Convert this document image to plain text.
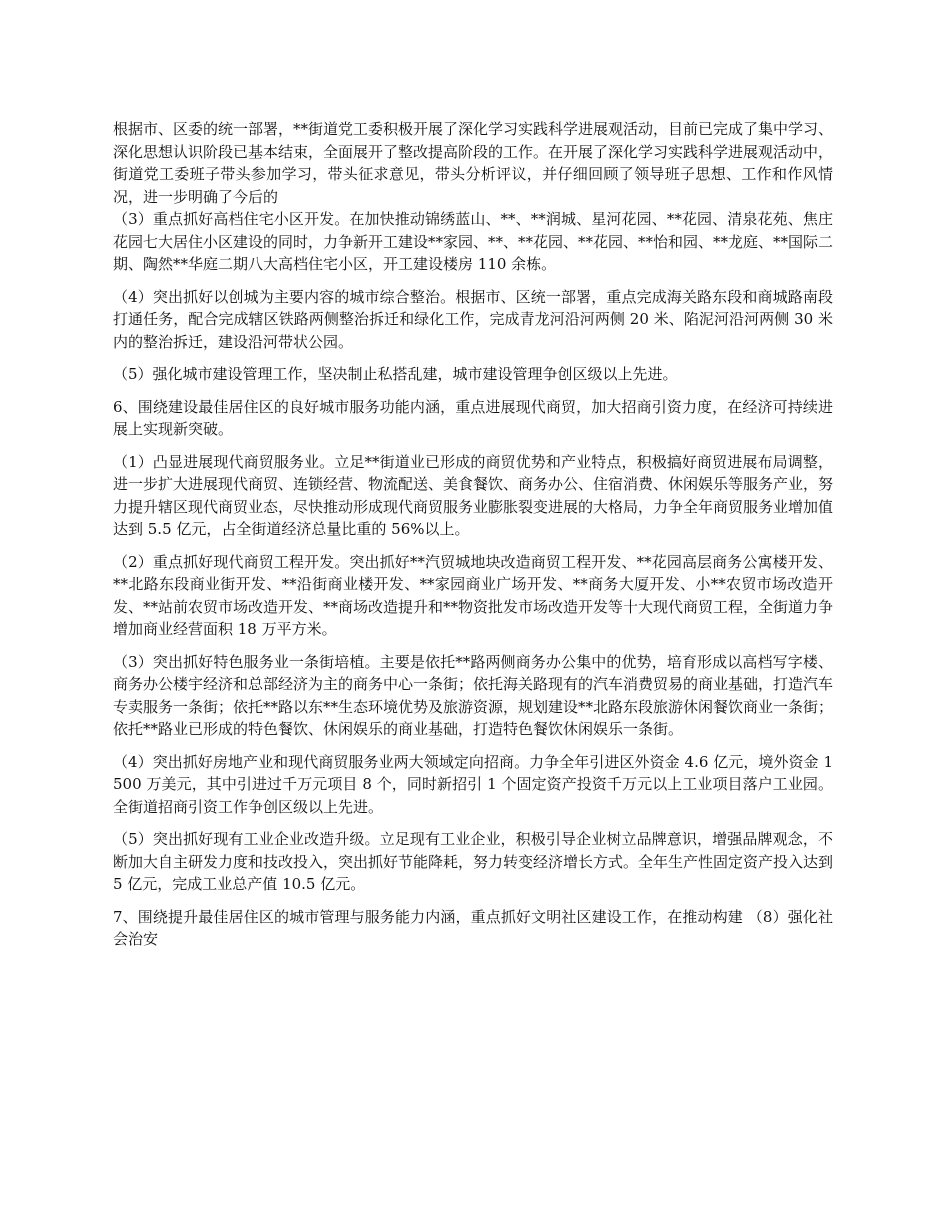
根据市、区委的统一部署，**街道党工委积极开展了深化学习实践科学进展观活动，目前已完成了集中学习、深化思想认识阶段已基本结束，全面展开了整改提高阶段的工作。在开展了深化学习实践科学进展观活动中，街道党工委班子带头参加学习，带头征求意见，带头分析评议，并仔细回顾了领导班子思想、工作和作风情况，进一步明确了今后的

（3）重点抓好高档住宅小区开发。在加快推动锦绣蓝山、**、**润城、星河花园、**花园、清泉花苑、焦庄花园七大居住小区建设的同时，力争新开工建设**家园、**、**花园、**花园、**怡和园、**龙庭、**国际二期、陶然**华庭二期八大高档住宅小区，开工建设楼房 110 余栋。

（4）突出抓好以创城为主要内容的城市综合整治。根据市、区统一部署，重点完成海关路东段和商城路南段打通任务，配合完成辖区铁路两侧整治拆迁和绿化工作，完成青龙河沿河两侧 20 米、陷泥河沿河两侧 30 米内的整治拆迁，建设沿河带状公园。

（5）强化城市建设管理工作，坚决制止私搭乱建，城市建设管理争创区级以上先进。

6、围绕建设最佳居住区的良好城市服务功能内涵，重点进展现代商贸，加大招商引资力度，在经济可持续进展上实现新突破。

（1）凸显进展现代商贸服务业。立足**街道业已形成的商贸优势和产业特点，积极搞好商贸进展布局调整，进一步扩大进展现代商贸、连锁经营、物流配送、美食餐饮、商务办公、住宿消费、休闲娱乐等服务产业，努力提升辖区现代商贸业态，尽快推动形成现代商贸服务业膨胀裂变进展的大格局，力争全年商贸服务业增加值达到 5.5 亿元，占全街道经济总量比重的 56%以上。

（2）重点抓好现代商贸工程开发。突出抓好**汽贸城地块改造商贸工程开发、**花园高层商务公寓楼开发、**北路东段商业街开发、**沿街商业楼开发、**家园商业广场开发、**商务大厦开发、小**农贸市场改造开发、**站前农贸市场改造开发、**商场改造提升和**物资批发市场改造开发等十大现代商贸工程，全街道力争增加商业经营面积 18 万平方米。

（3）突出抓好特色服务业一条街培植。主要是依托**路两侧商务办公集中的优势，培育形成以高档写字楼、商务办公楼宇经济和总部经济为主的商务中心一条街；依托海关路现有的汽车消费贸易的商业基础，打造汽车专卖服务一条街；依托**路以东**生态环境优势及旅游资源，规划建设**北路东段旅游休闲餐饮商业一条街；依托**路业已形成的特色餐饮、休闲娱乐的商业基础，打造特色餐饮休闲娱乐一条街。

（4）突出抓好房地产业和现代商贸服务业两大领域定向招商。力争全年引进区外资金 4.6 亿元，境外资金 1500 万美元，其中引进过千万元项目 8 个，同时新招引 1 个固定资产投资千万元以上工业项目落户工业园。全街道招商引资工作争创区级以上先进。

（5）突出抓好现有工业企业改造升级。立足现有工业企业，积极引导企业树立品牌意识，增强品牌观念，不断加大自主研发力度和技改投入，突出抓好节能降耗，努力转变经济增长方式。全年生产性固定资产投入达到 5 亿元，完成工业总产值 10.5 亿元。

7、围绕提升最佳居住区的城市管理与服务能力内涵，重点抓好文明社区建设工作，在推动构建 （8）强化社会治安
